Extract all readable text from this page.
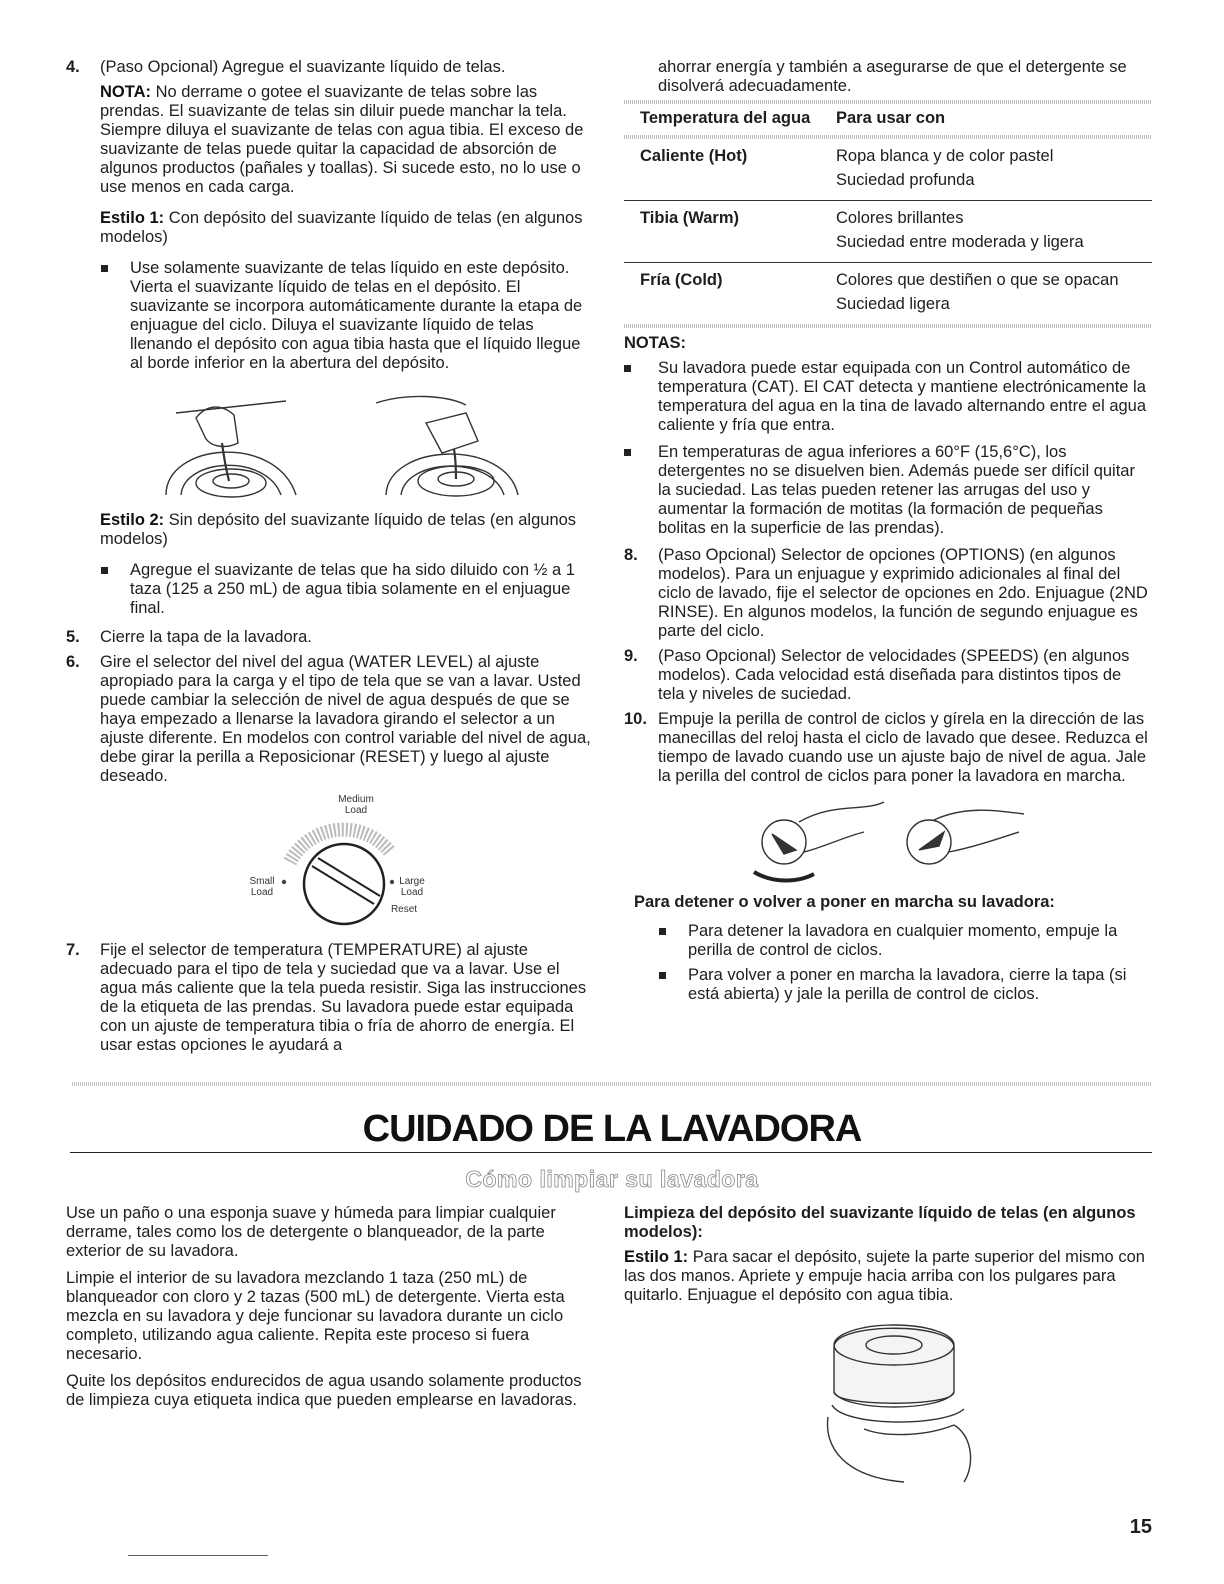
4. (Paso Opcional) Agregue el suavizante líquido de telas.

NOTA: No derrame o gotee el suavizante de telas sobre las prendas. El suavizante de telas sin diluir puede manchar la tela. Siempre diluya el suavizante de telas con agua tibia. El exceso de suavizante de telas puede quitar la capacidad de absorción de algunos productos (pañales y toallas). Si sucede esto, no lo use o use menos en cada carga.

Estilo 1: Con depósito del suavizante líquido de telas (en algunos modelos)

Use solamente suavizante de telas líquido en este depósito. Vierta el suavizante líquido de telas en el depósito. El suavizante se incorpora automáticamente durante la etapa de enjuague del ciclo. Diluya el suavizante líquido de telas llenando el depósito con agua tibia hasta que el líquido llegue al borde inferior en la abertura del depósito.

Estilo 2: Sin depósito del suavizante líquido de telas (en algunos modelos)

Agregue el suavizante de telas que ha sido diluido con ½ a 1 taza (125 a 250 mL) de agua tibia solamente en el enjuague final.

5. Cierre la tapa de la lavadora.
6. Gire el selector del nivel del agua (WATER LEVEL) al ajuste apropiado para la carga y el tipo de tela que se van a lavar. Usted puede cambiar la selección de nivel de agua después de que se haya empezado a llenarse la lavadora girando el selector a un ajuste diferente. En modelos con control variable del nivel de agua, debe girar la perilla a Reposicionar (RESET) y luego al ajuste deseado.
Medium
Load
Small
Load
Large
Load
Reset
7. Fije el selector de temperatura (TEMPERATURE) al ajuste adecuado para el tipo de tela y suciedad que va a lavar. Use el agua más caliente que la tela pueda resistir. Siga las instrucciones de la etiqueta de las prendas. Su lavadora puede estar equipada con un ajuste de temperatura tibia o fría de ahorro de energía. El usar estas opciones le ayudará a

ahorrar energía y también a asegurarse de que el detergente se disolverá adecuadamente.

Temperatura del agua	Para usar con

Caliente (Hot)	Ropa blanca y de color pastel
Suciedad profunda

Tibia (Warm)	Colores brillantes
Suciedad entre moderada y ligera

Fría (Cold)	Colores que destiñen o que se opacan
Suciedad ligera

NOTAS:

Su lavadora puede estar equipada con un Control automático de temperatura (CAT). El CAT detecta y mantiene electrónicamente la temperatura del agua en la tina de lavado alternando entre el agua caliente y fría que entra.

En temperaturas de agua inferiores a 60°F (15,6°C), los detergentes no se disuelven bien. Además puede ser difícil quitar la suciedad. Las telas pueden retener las arrugas del uso y aumentar la formación de motitas (la formación de pequeñas bolitas en la superficie de las prendas).

8. (Paso Opcional) Selector de opciones (OPTIONS) (en algunos modelos). Para un enjuague y exprimido adicionales al final del ciclo de lavado, fije el selector de opciones en 2do. Enjuague (2ND RINSE). En algunos modelos, la función de segundo enjuague es parte del ciclo.
9. (Paso Opcional) Selector de velocidades (SPEEDS) (en algunos modelos). Cada velocidad está diseñada para distintos tipos de tela y niveles de suciedad.
10. Empuje la perilla de control de ciclos y gírela en la dirección de las manecillas del reloj hasta el ciclo de lavado que desee. Reduzca el tiempo de lavado cuando use un ajuste bajo de nivel de agua. Jale la perilla del control de ciclos para poner la lavadora en marcha.

Para detener o volver a poner en marcha su lavadora:

Para detener la lavadora en cualquier momento, empuje la perilla de control de ciclos.

Para volver a poner en marcha la lavadora, cierre la tapa (si está abierta) y jale la perilla de control de ciclos.

CUIDADO DE LA LAVADORA
Cómo limpiar su lavadora

Use un paño o una esponja suave y húmeda para limpiar cualquier derrame, tales como los de detergente o blanqueador, de la parte exterior de su lavadora.

Limpie el interior de su lavadora mezclando 1 taza (250 mL) de blanqueador con cloro y 2 tazas (500 mL) de detergente. Vierta esta mezcla en su lavadora y deje funcionar su lavadora durante un ciclo completo, utilizando agua caliente. Repita este proceso si fuera necesario.

Quite los depósitos endurecidos de agua usando solamente productos de limpieza cuya etiqueta indica que pueden emplearse en lavadoras.

Limpieza del depósito del suavizante líquido de telas (en algunos modelos):

Estilo 1: Para sacar el depósito, sujete la parte superior del mismo con las dos manos. Apriete y empuje hacia arriba con los pulgares para quitarlo. Enjuague el depósito con agua tibia.

15
